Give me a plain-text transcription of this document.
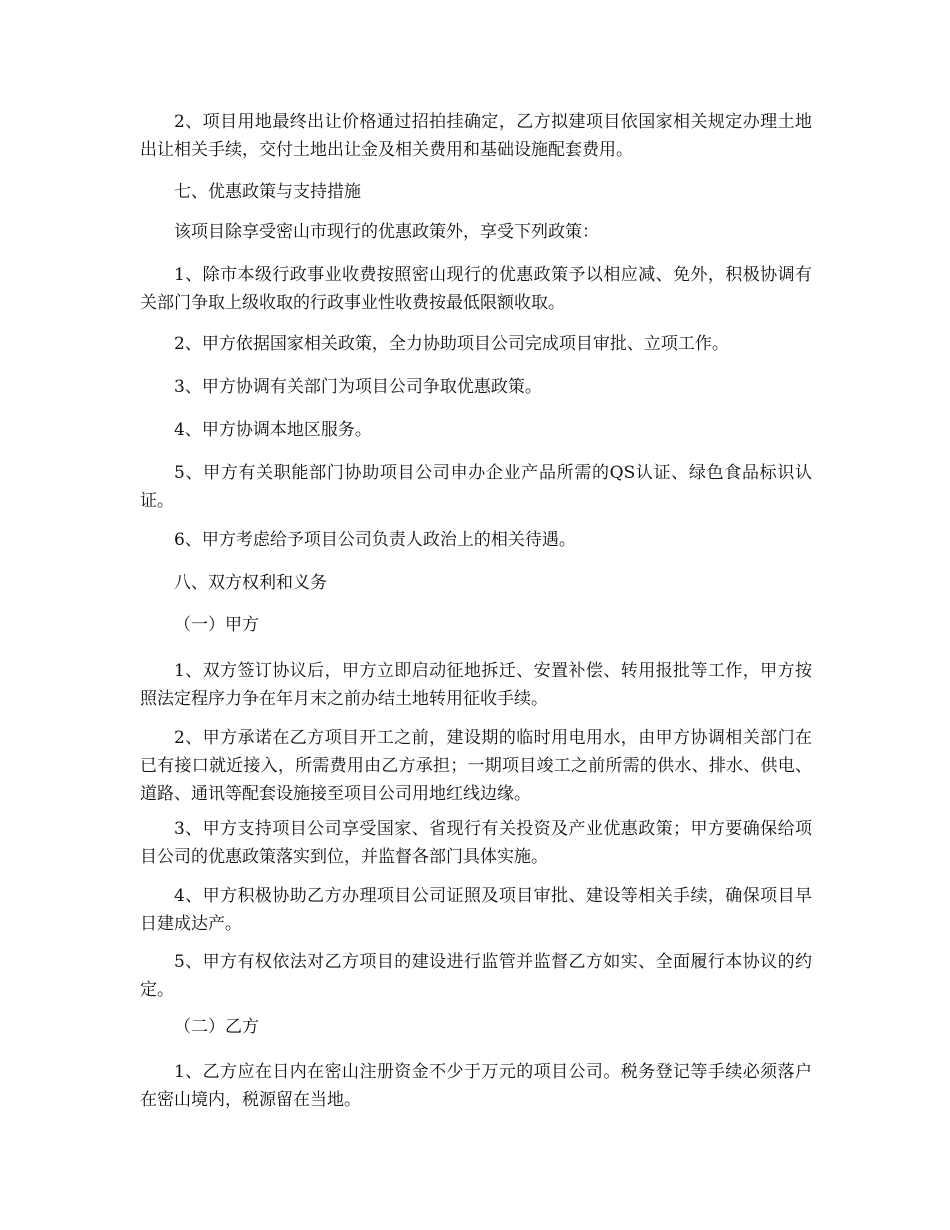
2、项目用地最终出让价格通过招拍挂确定，乙方拟建项目依国家相关规定办理土地出让相关手续，交付土地出让金及相关费用和基础设施配套费用。

七、优惠政策与支持措施

该项目除享受密山市现行的优惠政策外，享受下列政策：

1、除市本级行政事业收费按照密山现行的优惠政策予以相应减、免外，积极协调有关部门争取上级收取的行政事业性收费按最低限额收取。

2、甲方依据国家相关政策，全力协助项目公司完成项目审批、立项工作。

3、甲方协调有关部门为项目公司争取优惠政策。

4、甲方协调本地区服务。

5、甲方有关职能部门协助项目公司申办企业产品所需的QS认证、绿色食品标识认证。

6、甲方考虑给予项目公司负责人政治上的相关待遇。

八、双方权利和义务

（一）甲方

1、双方签订协议后，甲方立即启动征地拆迁、安置补偿、转用报批等工作，甲方按照法定程序力争在年月末之前办结土地转用征收手续。

2、甲方承诺在乙方项目开工之前，建设期的临时用电用水，由甲方协调相关部门在已有接口就近接入，所需费用由乙方承担；一期项目竣工之前所需的供水、排水、供电、道路、通讯等配套设施接至项目公司用地红线边缘。

3、甲方支持项目公司享受国家、省现行有关投资及产业优惠政策；甲方要确保给项目公司的优惠政策落实到位，并监督各部门具体实施。

4、甲方积极协助乙方办理项目公司证照及项目审批、建设等相关手续，确保项目早日建成达产。

5、甲方有权依法对乙方项目的建设进行监管并监督乙方如实、全面履行本协议的约定。

（二）乙方

1、乙方应在日内在密山注册资金不少于万元的项目公司。税务登记等手续必须落户在密山境内，税源留在当地。
